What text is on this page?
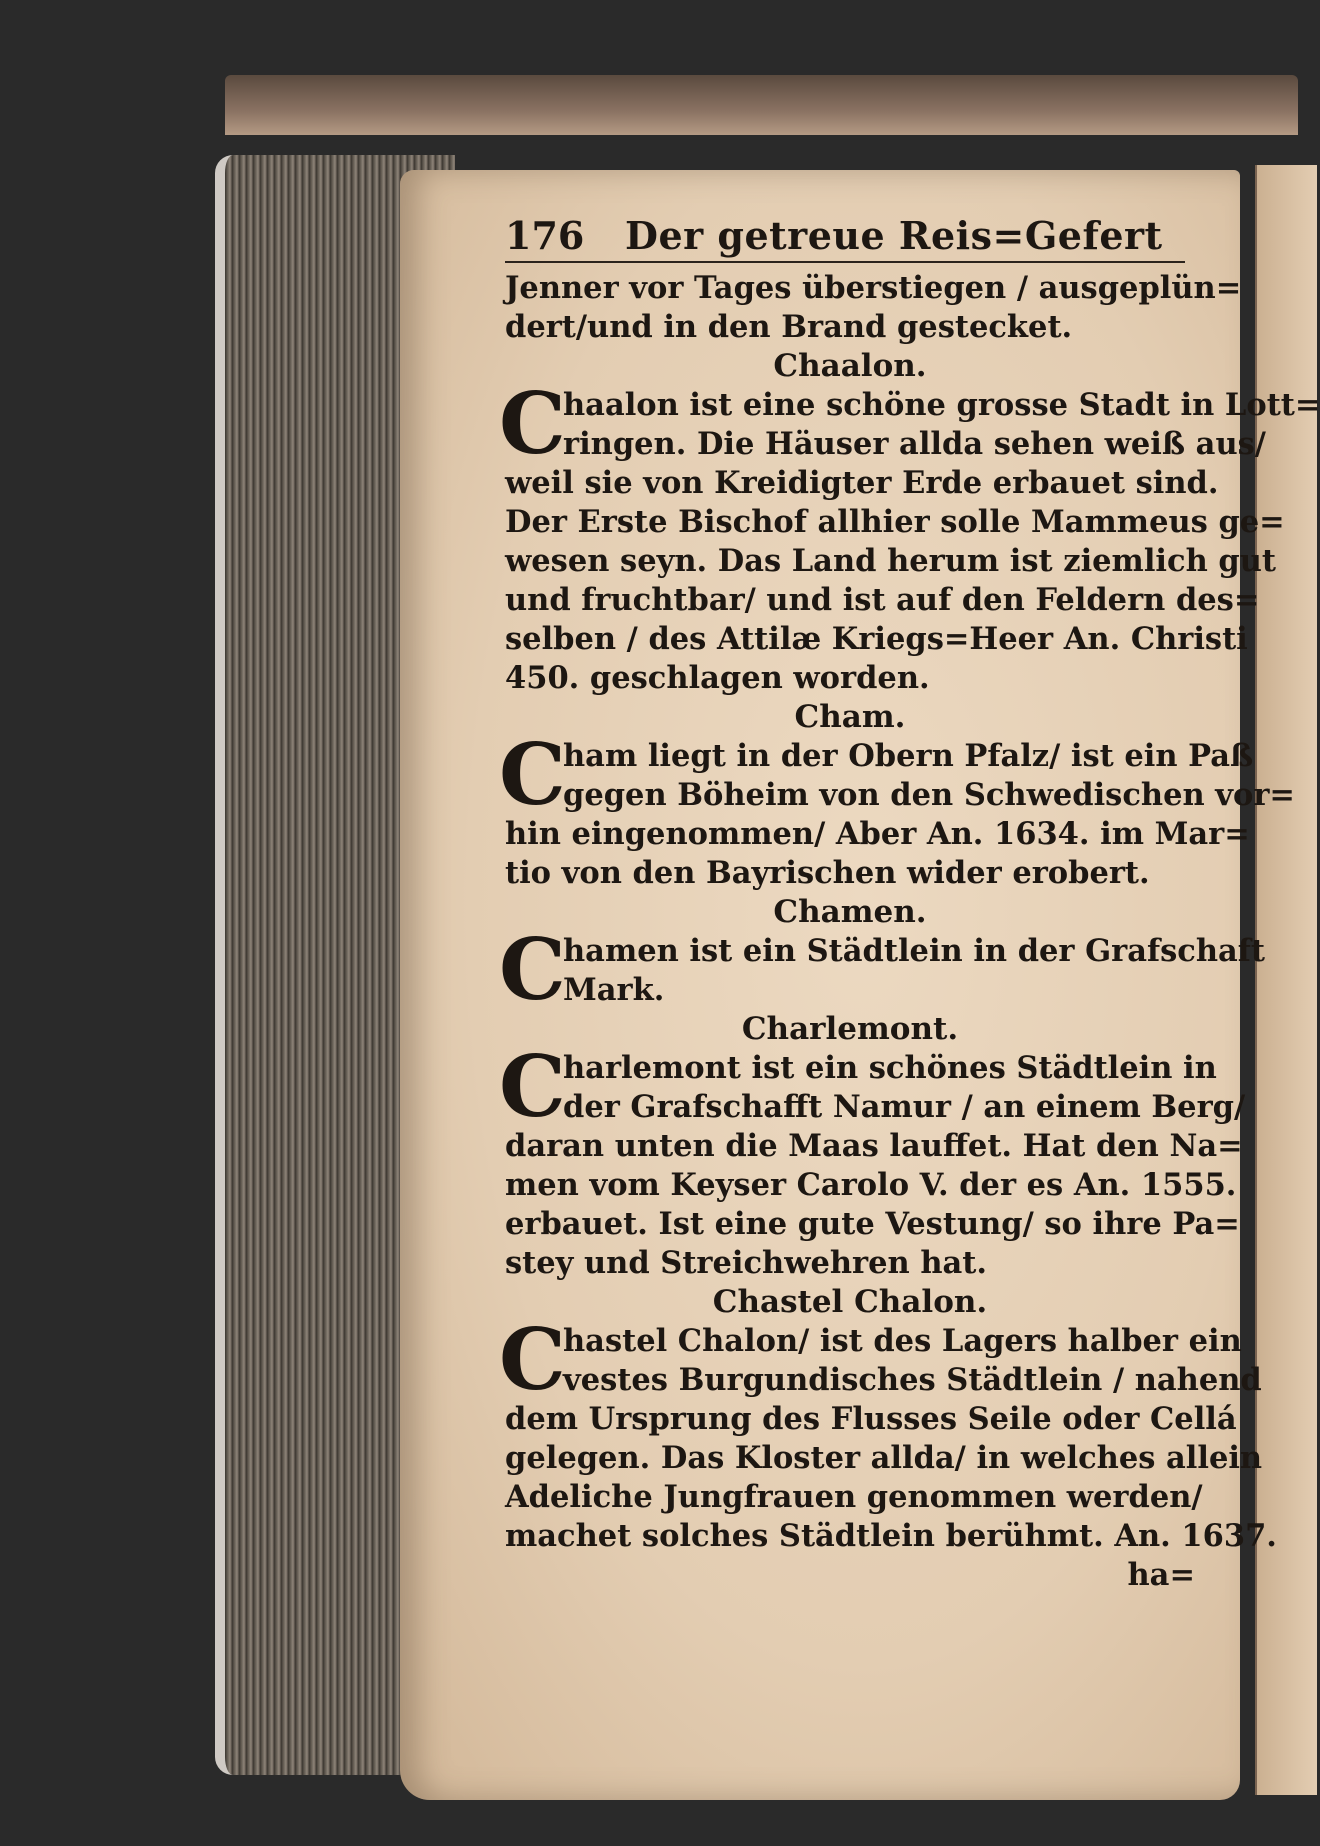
176	Der getreue Reis=Gefert
Jenner vor Tages überstiegen / ausgeplün=
dert/und in den Brand gestecket.
Chaalon.
C
haalon ist eine schöne grosse Stadt in Lott=
ringen. Die Häuser allda sehen weiß aus/
weil sie von Kreidigter Erde erbauet sind.
Der Erste Bischof allhier solle Mammeus ge=
wesen seyn. Das Land herum ist ziemlich gut
und fruchtbar/ und ist auf den Feldern des=
selben / des Attilæ Kriegs=Heer An. Christi
450. geschlagen worden.
Cham.
C
ham liegt in der Obern Pfalz/ ist ein Paß
gegen Böheim von den Schwedischen vor=
hin eingenommen/ Aber An. 1634. im Mar=
tio von den Bayrischen wider erobert.
Chamen.
C
hamen ist ein Städtlein in der Grafschaft
Mark.
Charlemont.
C
harlemont ist ein schönes Städtlein in
der Grafschafft Namur / an einem Berg/
daran unten die Maas lauffet. Hat den Na=
men vom Keyser Carolo V. der es An. 1555.
erbauet. Ist eine gute Vestung/ so ihre Pa=
stey und Streichwehren hat.
Chastel Chalon.
C
hastel Chalon/ ist des Lagers halber ein
vestes Burgundisches Städtlein / nahend
dem Ursprung des Flusses Seile oder Cellá
gelegen. Das Kloster allda/ in welches allein
Adeliche Jungfrauen genommen werden/
machet solches Städtlein berühmt. An. 1637.
ha=
